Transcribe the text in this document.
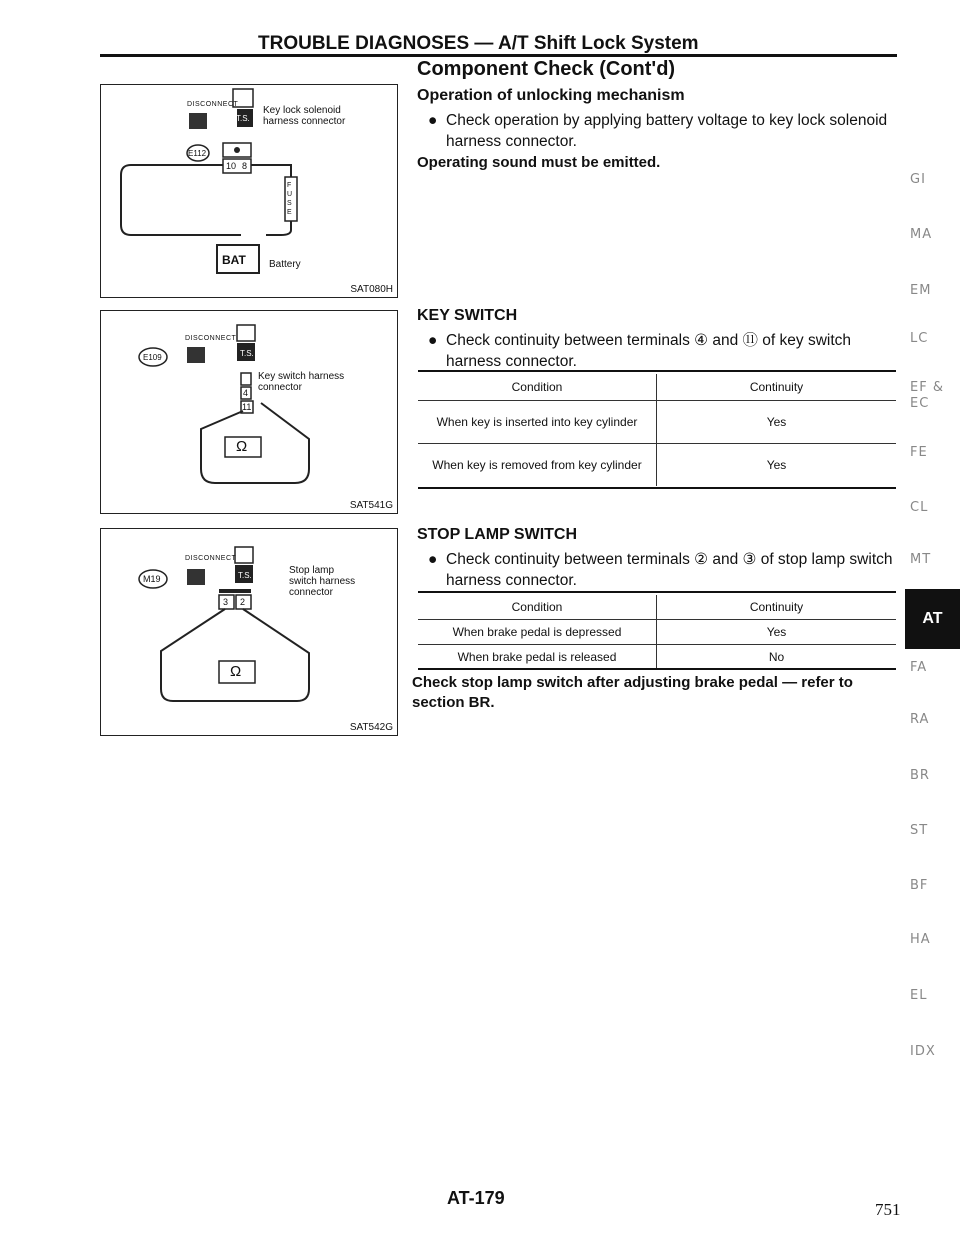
TROUBLE DIAGNOSES — A/T Shift Lock System
Component Check (Cont'd)
DISCONNECT
T.S.
E112
Key lock solenoid harness connector
10 8
FUSE
BAT Battery
SAT080H
DISCONNECT
T.S.
E109
Key switch harness connector
4
11
Ω
SAT541G
DISCONNECT
T.S.
M19
Stop lamp switch harness connector
3 2
Ω
SAT542G
Operation of unlocking mechanism
● Check operation by applying battery voltage to key lock solenoid harness connector.
Operating sound must be emitted.
KEY SWITCH
● Check continuity between terminals ④ and ⑪ of key switch harness connector.
Condition	Continuity
When key is inserted into key cylinder	Yes
When key is removed from key cylinder	Yes
STOP LAMP SWITCH
● Check continuity between terminals ② and ③ of stop lamp switch harness connector.
Condition	Continuity
When brake pedal is depressed	Yes
When brake pedal is released	No
Check stop lamp switch after adjusting brake pedal — refer to section BR.
GI
MA
EM
LC
EF & EC
FE
CL
MT
AT
FA
RA
BR
ST
BF
HA
EL
IDX
AT-179
751
